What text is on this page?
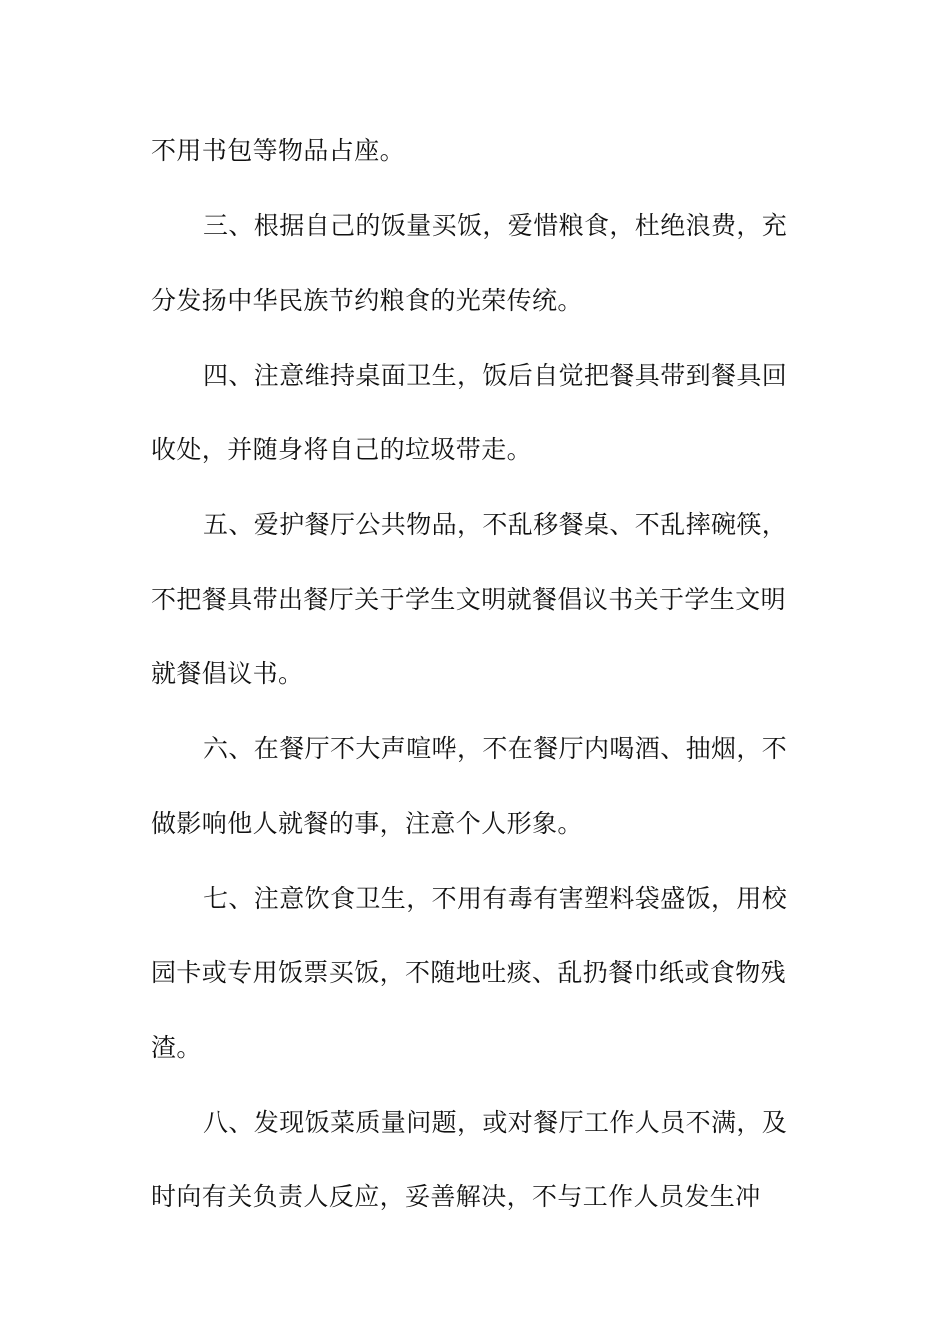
不用书包等物品占座。
三、根据自己的饭量买饭，爱惜粮食，杜绝浪费，充
分发扬中华民族节约粮食的光荣传统。
四、注意维持桌面卫生，饭后自觉把餐具带到餐具回
收处，并随身将自己的垃圾带走。
五、爱护餐厅公共物品，不乱移餐桌、不乱摔碗筷，
不把餐具带出餐厅关于学生文明就餐倡议书关于学生文明
就餐倡议书。
六、在餐厅不大声喧哗，不在餐厅内喝酒、抽烟，不
做影响他人就餐的事，注意个人形象。
七、注意饮食卫生，不用有毒有害塑料袋盛饭，用校
园卡或专用饭票买饭，不随地吐痰、乱扔餐巾纸或食物残
渣。
八、发现饭菜质量问题，或对餐厅工作人员不满，及
时向有关负责人反应，妥善解决，不与工作人员发生冲
